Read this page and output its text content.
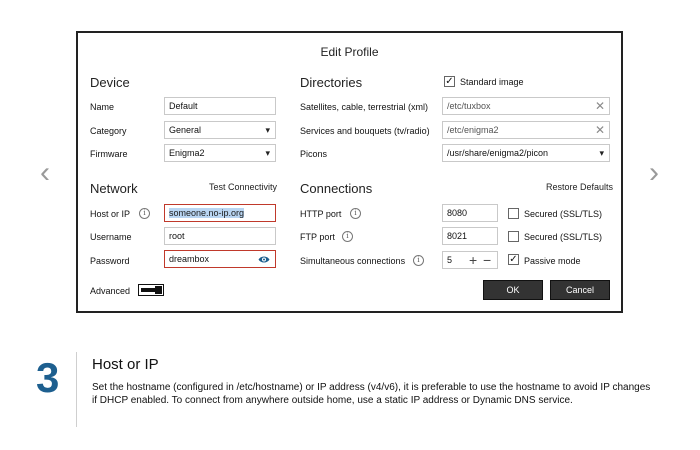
‹	›
Edit Profile
Device
Name	Default
Category	General ▾
Firmware	Enigma2 ▾
Network	Test Connectivity
Host or IP	i	someone.no-ip.org
Username	root
Password	dreambox
Advanced
Directories	✓ Standard image
Satellites, cable, terrestrial (xml)	/etc/tuxbox	✕
Services and bouquets (tv/radio)	/etc/enigma2	✕
Picons	/usr/share/enigma2/picon ▾
Connections	Restore Defaults
HTTP port	i	8080	Secured (SSL/TLS)
FTP port	i	8021	Secured (SSL/TLS)
Simultaneous connections	i	5 + − ✓ Passive mode
OK	Cancel
3 Host or IP
Set the hostname (configured in /etc/hostname) or IP address (v4/v6), it is preferable to use the hostname to avoid IP changes if DHCP enabled. To connect from anywhere outside home, use a static IP address or Dynamic DNS service.
